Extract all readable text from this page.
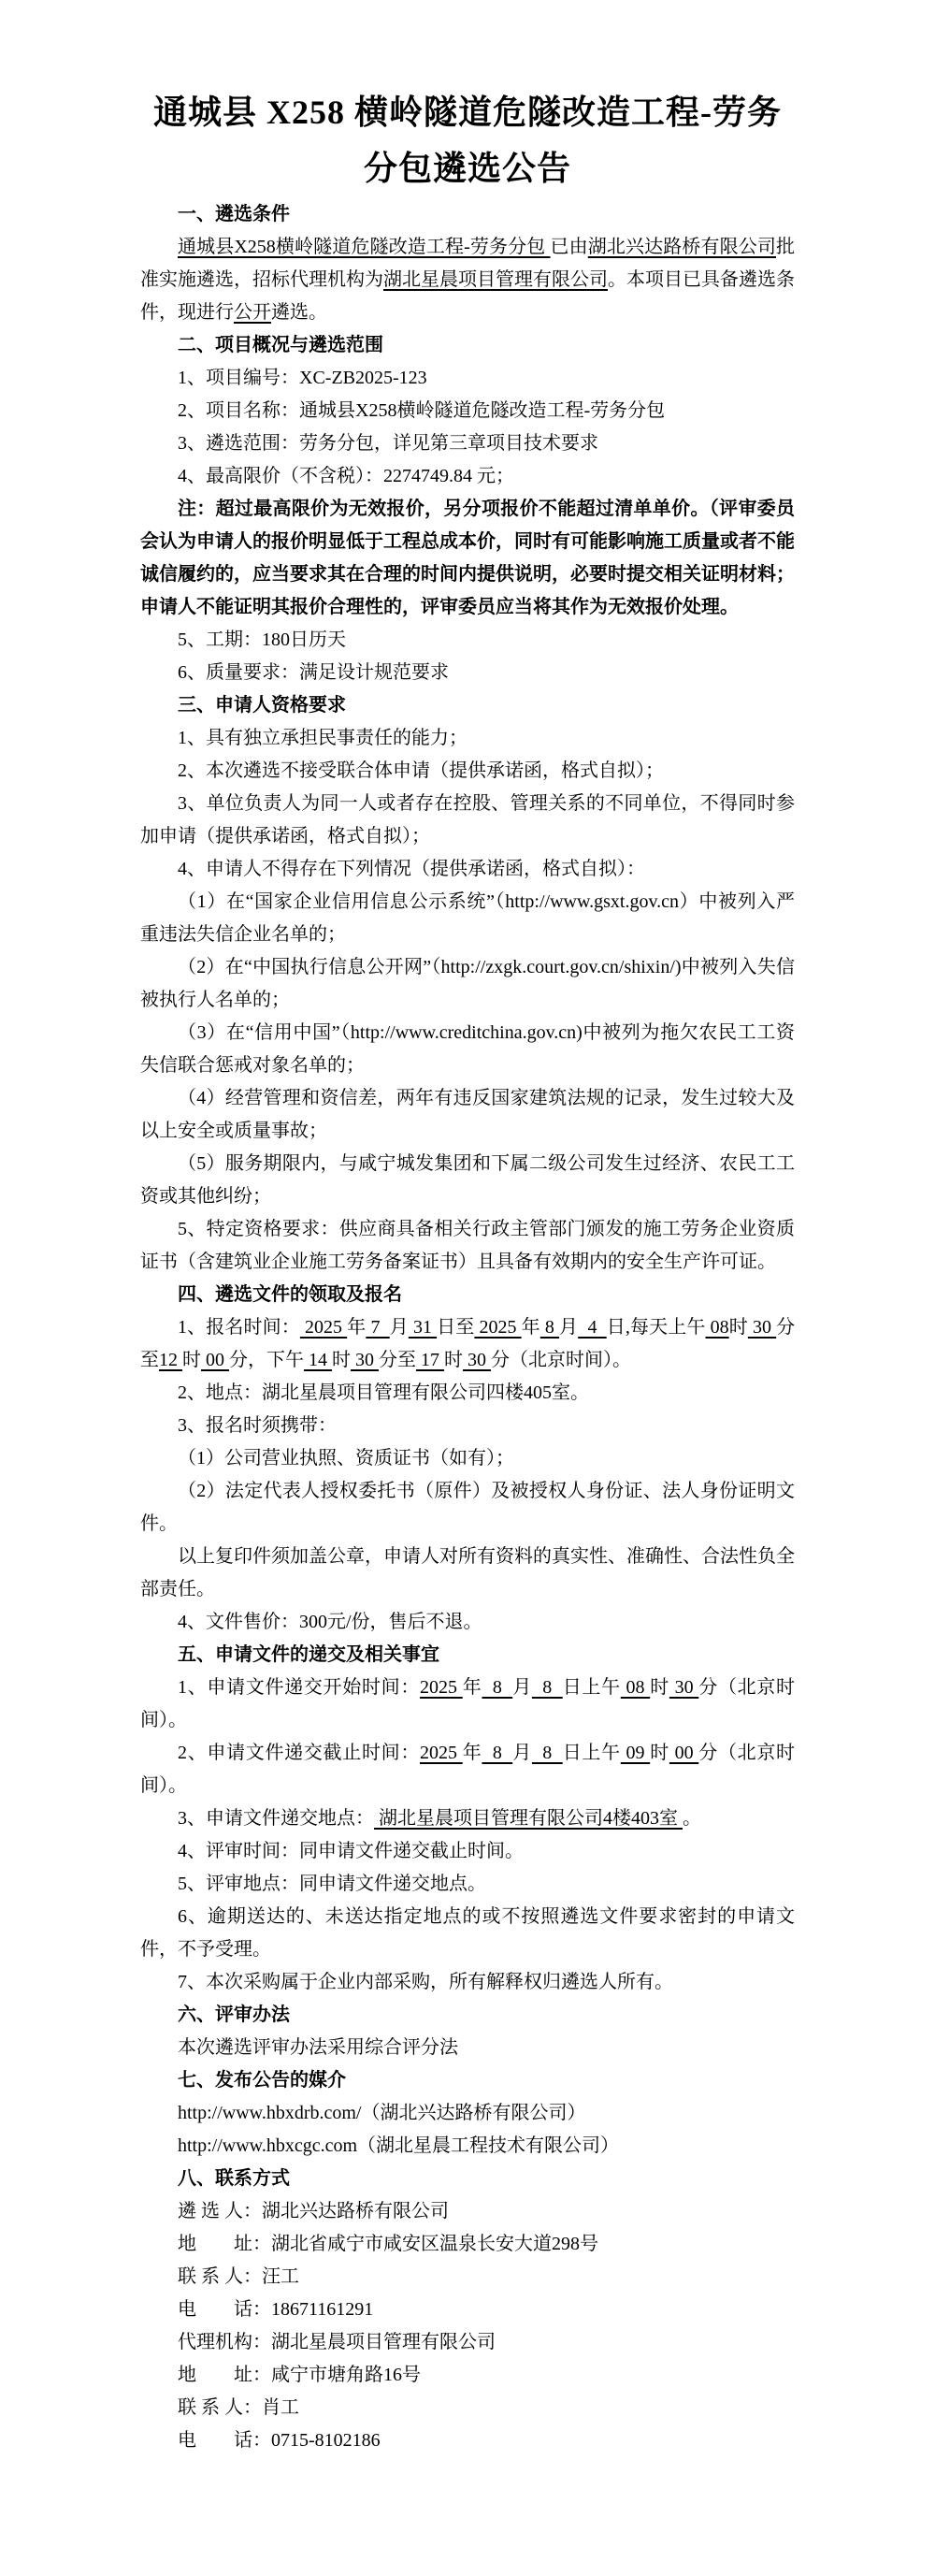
通城县 X258 横岭隧道危隧改造工程-劳务
分包遴选公告

一、遴选条件

通城县X258横岭隧道危隧改造工程-劳务分包 已由湖北兴达路桥有限公司批准实施遴选，招标代理机构为湖北星晨项目管理有限公司。本项目已具备遴选条件，现进行公开遴选。

二、项目概况与遴选范围

1、项目编号：XC-ZB2025-123

2、项目名称：通城县X258横岭隧道危隧改造工程-劳务分包

3、遴选范围：劳务分包，详见第三章项目技术要求

4、最高限价（不含税）：2274749.84 元；

注：超过最高限价为无效报价，另分项报价不能超过清单单价。（评审委员会认为申请人的报价明显低于工程总成本价，同时有可能影响施工质量或者不能诚信履约的，应当要求其在合理的时间内提供说明，必要时提交相关证明材料；申请人不能证明其报价合理性的，评审委员应当将其作为无效报价处理。

5、工期：180日历天

6、质量要求：满足设计规范要求

三、申请人资格要求

1、具有独立承担民事责任的能力；

2、本次遴选不接受联合体申请（提供承诺函，格式自拟）；

3、单位负责人为同一人或者存在控股、管理关系的不同单位，不得同时参加申请（提供承诺函，格式自拟）；

4、申请人不得存在下列情况（提供承诺函，格式自拟）：

（1）在“国家企业信用信息公示系统”（http://www.gsxt.gov.cn）中被列入严重违法失信企业名单的；

（2）在“中国执行信息公开网”（http://zxgk.court.gov.cn/shixin/)中被列入失信被执行人名单的；

（3）在“信用中国”（http://www.creditchina.gov.cn)中被列为拖欠农民工工资失信联合惩戒对象名单的；

（4）经营管理和资信差，两年有违反国家建筑法规的记录，发生过较大及以上安全或质量事故；

（5）服务期限内，与咸宁城发集团和下属二级公司发生过经济、农民工工资或其他纠纷；

5、特定资格要求：供应商具备相关行政主管部门颁发的施工劳务企业资质证书（含建筑业企业施工劳务备案证书）且具备有效期内的安全生产许可证。

四、遴选文件的领取及报名

1、报名时间： 2025 年 7  月 31 日至 2025 年 8 月  4  日,每天上午 08时 30 分至12 时 00 分，下午 14 时 30 分至 17 时 30 分（北京时间）。

2、地点：湖北星晨项目管理有限公司四楼405室。

3、报名时须携带：

（1）公司营业执照、资质证书（如有）；

（2）法定代表人授权委托书（原件）及被授权人身份证、法人身份证明文件。

以上复印件须加盖公章，申请人对所有资料的真实性、准确性、合法性负全部责任。

4、文件售价：300元/份，售后不退。

五、申请文件的递交及相关事宜

1、申请文件递交开始时间：2025 年  8  月  8  日上午 08 时 30 分（北京时间）。

2、申请文件递交截止时间：2025 年  8  月  8  日上午 09 时 00 分（北京时间）。

3、申请文件递交地点： 湖北星晨项目管理有限公司4楼403室 。

4、评审时间：同申请文件递交截止时间。

5、评审地点：同申请文件递交地点。

6、逾期送达的、未送达指定地点的或不按照遴选文件要求密封的申请文件，不予受理。

7、本次采购属于企业内部采购，所有解释权归遴选人所有。

六、评审办法

本次遴选评审办法采用综合评分法

七、发布公告的媒介

http://www.hbxdrb.com/（湖北兴达路桥有限公司）

http://www.hbxcgc.com（湖北星晨工程技术有限公司）

八、联系方式

遴 选 人：湖北兴达路桥有限公司

地　　址：湖北省咸宁市咸安区温泉长安大道298号

联 系 人：汪工

电　　话：18671161291

代理机构：湖北星晨项目管理有限公司

地　　址：咸宁市塘角路16号

联 系 人：肖工

电　　话：0715-8102186
